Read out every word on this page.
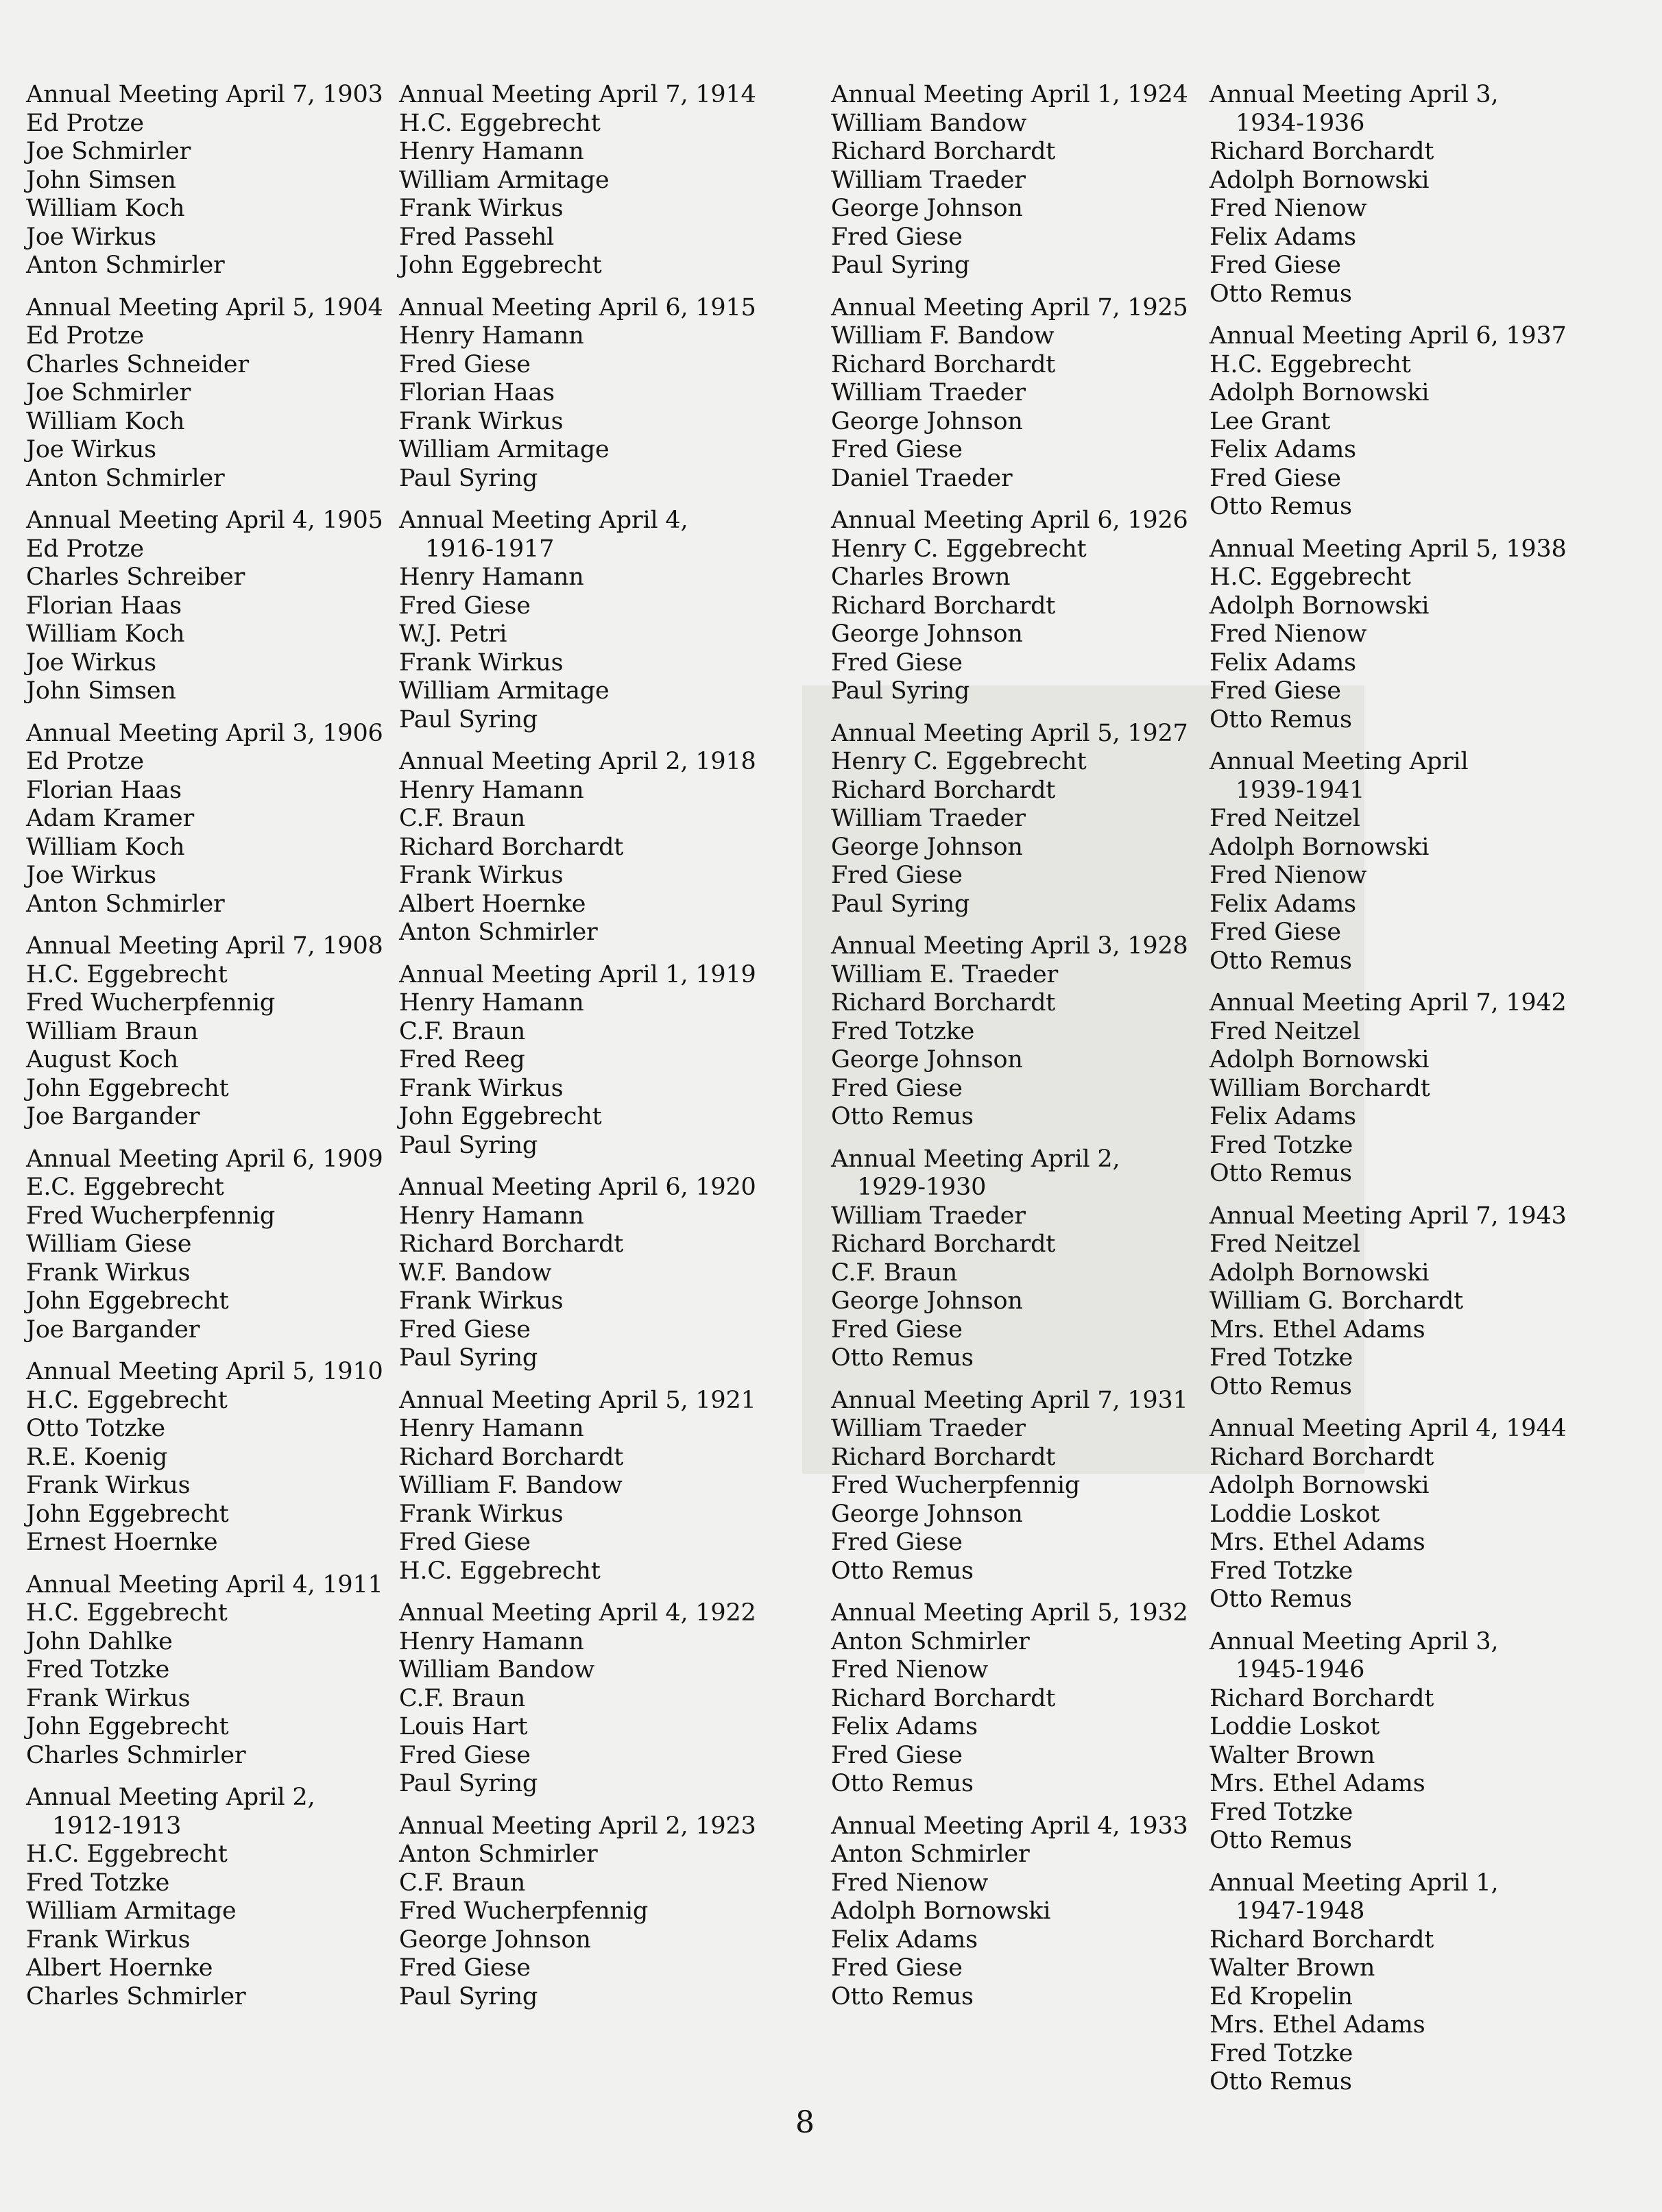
Annual Meeting April 7, 1903
Ed Protze
Joe Schmirler
John Simsen
William Koch
Joe Wirkus
Anton Schmirler
Annual Meeting April 5, 1904
Ed Protze
Charles Schneider
Joe Schmirler
William Koch
Joe Wirkus
Anton Schmirler
Annual Meeting April 4, 1905
Ed Protze
Charles Schreiber
Florian Haas
William Koch
Joe Wirkus
John Simsen
Annual Meeting April 3, 1906
Ed Protze
Florian Haas
Adam Kramer
William Koch
Joe Wirkus
Anton Schmirler
Annual Meeting April 7, 1908
H.C. Eggebrecht
Fred Wucherpfennig
William Braun
August Koch
John Eggebrecht
Joe Bargander
Annual Meeting April 6, 1909
E.C. Eggebrecht
Fred Wucherpfennig
William Giese
Frank Wirkus
John Eggebrecht
Joe Bargander
Annual Meeting April 5, 1910
H.C. Eggebrecht
Otto Totzke
R.E. Koenig
Frank Wirkus
John Eggebrecht
Ernest Hoernke
Annual Meeting April 4, 1911
H.C. Eggebrecht
John Dahlke
Fred Totzke
Frank Wirkus
John Eggebrecht
Charles Schmirler
Annual Meeting April 2,
1912-1913
H.C. Eggebrecht
Fred Totzke
William Armitage
Frank Wirkus
Albert Hoernke
Charles Schmirler
Annual Meeting April 7, 1914
H.C. Eggebrecht
Henry Hamann
William Armitage
Frank Wirkus
Fred Passehl
John Eggebrecht
Annual Meeting April 6, 1915
Henry Hamann
Fred Giese
Florian Haas
Frank Wirkus
William Armitage
Paul Syring
Annual Meeting April 4,
1916-1917
Henry Hamann
Fred Giese
W.J. Petri
Frank Wirkus
William Armitage
Paul Syring
Annual Meeting April 2, 1918
Henry Hamann
C.F. Braun
Richard Borchardt
Frank Wirkus
Albert Hoernke
Anton Schmirler
Annual Meeting April 1, 1919
Henry Hamann
C.F. Braun
Fred Reeg
Frank Wirkus
John Eggebrecht
Paul Syring
Annual Meeting April 6, 1920
Henry Hamann
Richard Borchardt
W.F. Bandow
Frank Wirkus
Fred Giese
Paul Syring
Annual Meeting April 5, 1921
Henry Hamann
Richard Borchardt
William F. Bandow
Frank Wirkus
Fred Giese
H.C. Eggebrecht
Annual Meeting April 4, 1922
Henry Hamann
William Bandow
C.F. Braun
Louis Hart
Fred Giese
Paul Syring
Annual Meeting April 2, 1923
Anton Schmirler
C.F. Braun
Fred Wucherpfennig
George Johnson
Fred Giese
Paul Syring
Annual Meeting April 1, 1924
William Bandow
Richard Borchardt
William Traeder
George Johnson
Fred Giese
Paul Syring
Annual Meeting April 7, 1925
William F. Bandow
Richard Borchardt
William Traeder
George Johnson
Fred Giese
Daniel Traeder
Annual Meeting April 6, 1926
Henry C. Eggebrecht
Charles Brown
Richard Borchardt
George Johnson
Fred Giese
Paul Syring
Annual Meeting April 5, 1927
Henry C. Eggebrecht
Richard Borchardt
William Traeder
George Johnson
Fred Giese
Paul Syring
Annual Meeting April 3, 1928
William E. Traeder
Richard Borchardt
Fred Totzke
George Johnson
Fred Giese
Otto Remus
Annual Meeting April 2,
1929-1930
William Traeder
Richard Borchardt
C.F. Braun
George Johnson
Fred Giese
Otto Remus
Annual Meeting April 7, 1931
William Traeder
Richard Borchardt
Fred Wucherpfennig
George Johnson
Fred Giese
Otto Remus
Annual Meeting April 5, 1932
Anton Schmirler
Fred Nienow
Richard Borchardt
Felix Adams
Fred Giese
Otto Remus
Annual Meeting April 4, 1933
Anton Schmirler
Fred Nienow
Adolph Bornowski
Felix Adams
Fred Giese
Otto Remus
Annual Meeting April 3,
1934-1936
Richard Borchardt
Adolph Bornowski
Fred Nienow
Felix Adams
Fred Giese
Otto Remus
Annual Meeting April 6, 1937
H.C. Eggebrecht
Adolph Bornowski
Lee Grant
Felix Adams
Fred Giese
Otto Remus
Annual Meeting April 5, 1938
H.C. Eggebrecht
Adolph Bornowski
Fred Nienow
Felix Adams
Fred Giese
Otto Remus
Annual Meeting April
1939-1941
Fred Neitzel
Adolph Bornowski
Fred Nienow
Felix Adams
Fred Giese
Otto Remus
Annual Meeting April 7, 1942
Fred Neitzel
Adolph Bornowski
William Borchardt
Felix Adams
Fred Totzke
Otto Remus
Annual Meeting April 7, 1943
Fred Neitzel
Adolph Bornowski
William G. Borchardt
Mrs. Ethel Adams
Fred Totzke
Otto Remus
Annual Meeting April 4, 1944
Richard Borchardt
Adolph Bornowski
Loddie Loskot
Mrs. Ethel Adams
Fred Totzke
Otto Remus
Annual Meeting April 3,
1945-1946
Richard Borchardt
Loddie Loskot
Walter Brown
Mrs. Ethel Adams
Fred Totzke
Otto Remus
Annual Meeting April 1,
1947-1948
Richard Borchardt
Walter Brown
Ed Kropelin
Mrs. Ethel Adams
Fred Totzke
Otto Remus
8
